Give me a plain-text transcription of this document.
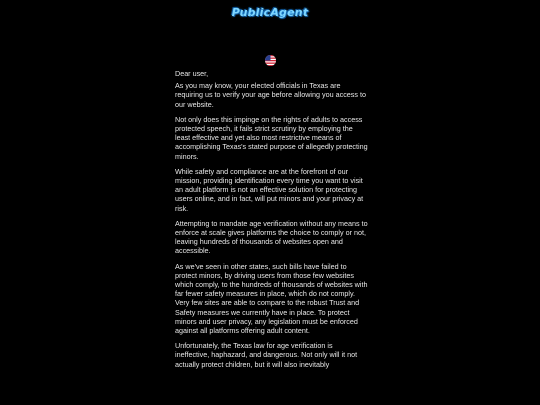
PublicAgent

Dear user,

As you may know, your elected officials in Texas are requiring us to verify your age before allowing you access to our website.

Not only does this impinge on the rights of adults to access protected speech, it fails strict scrutiny by employing the least effective and yet also most restrictive means of accomplishing Texas's stated purpose of allegedly protecting minors.

While safety and compliance are at the forefront of our mission, providing identification every time you want to visit an adult platform is not an effective solution for protecting users online, and in fact, will put minors and your privacy at risk.

Attempting to mandate age verification without any means to enforce at scale gives platforms the choice to comply or not, leaving hundreds of thousands of websites open and accessible.

As we've seen in other states, such bills have failed to protect minors, by driving users from those few websites which comply, to the hundreds of thousands of websites with far fewer safety measures in place, which do not comply. Very few sites are able to compare to the robust Trust and Safety measures we currently have in place. To protect minors and user privacy, any legislation must be enforced against all platforms offering adult content.

Unfortunately, the Texas law for age verification is ineffective, haphazard, and dangerous. Not only will it not actually protect children, but it will also inevitably
